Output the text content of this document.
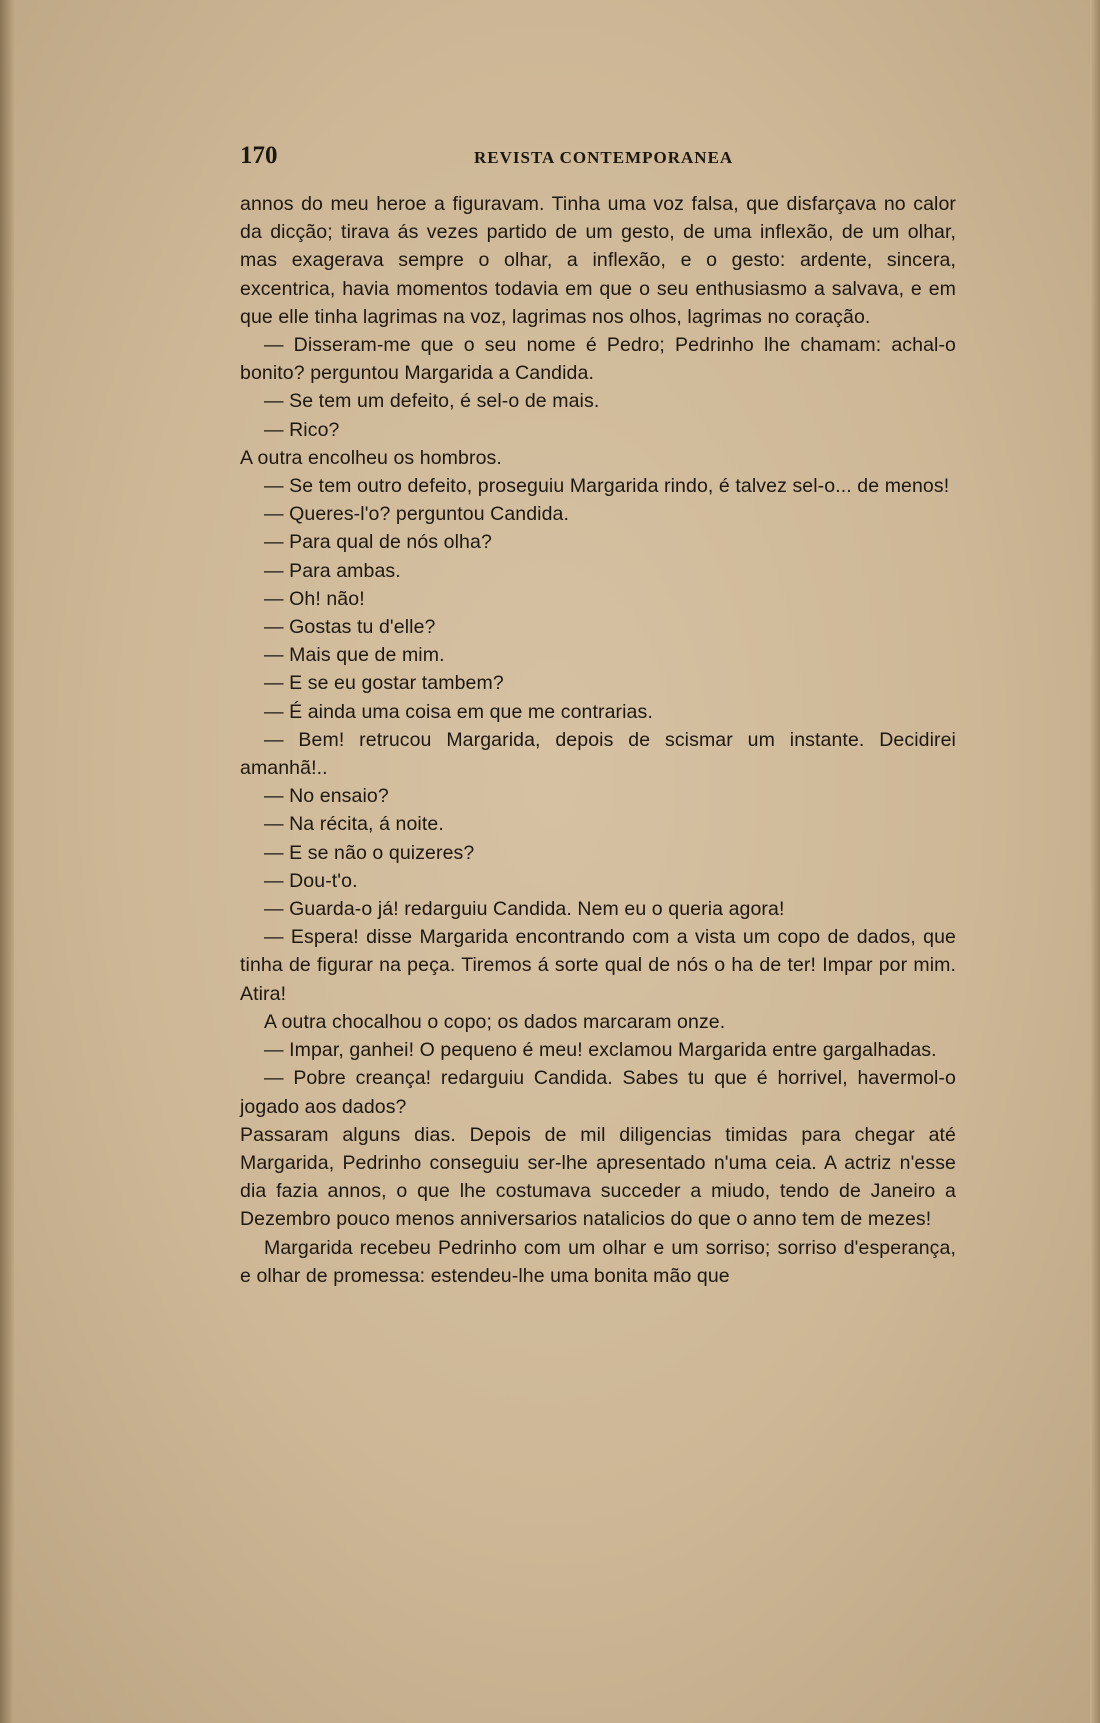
170	REVISTA CONTEMPORANEA

annos do meu heroe a figuravam. Tinha uma voz falsa, que disfarçava no calor da dicção; tirava ás vezes partido de um gesto, de uma inflexão, de um olhar, mas exagerava sempre o olhar, a inflexão, e o gesto: ardente, sincera, excentrica, havia momentos todavia em que o seu enthusiasmo a salvava, e em que elle tinha lagrimas na voz, lagrimas nos olhos, lagrimas no coração.

— Disseram-me que o seu nome é Pedro; Pedrinho lhe chamam: achal-o bonito? perguntou Margarida a Candida.

— Se tem um defeito, é sel-o de mais.

— Rico?

A outra encolheu os hombros.

— Se tem outro defeito, proseguiu Margarida rindo, é talvez sel-o... de menos!

— Queres-l'o? perguntou Candida.

— Para qual de nós olha?

— Para ambas.

— Oh! não!

— Gostas tu d'elle?

— Mais que de mim.

— E se eu gostar tambem?

— É ainda uma coisa em que me contrarias.

— Bem! retrucou Margarida, depois de scismar um instante. Decidirei amanhã!..

— No ensaio?

— Na récita, á noite.

— E se não o quizeres?

— Dou-t'o.

— Guarda-o já! redarguiu Candida. Nem eu o queria agora!

— Espera! disse Margarida encontrando com a vista um copo de dados, que tinha de figurar na peça. Tiremos á sorte qual de nós o ha de ter! Impar por mim. Atira!

A outra chocalhou o copo; os dados marcaram onze.

— Impar, ganhei! O pequeno é meu! exclamou Margarida entre gargalhadas.

— Pobre creança! redarguiu Candida. Sabes tu que é horrivel, havermol-o jogado aos dados?

Passaram alguns dias. Depois de mil diligencias timidas para chegar até Margarida, Pedrinho conseguiu ser-lhe apresentado n'uma ceia. A actriz n'esse dia fazia annos, o que lhe costumava succeder a miudo, tendo de Janeiro a Dezembro pouco menos anniversarios natalicios do que o anno tem de mezes!

Margarida recebeu Pedrinho com um olhar e um sorriso; sorriso d'esperança, e olhar de promessa: estendeu-lhe uma bonita mão que
